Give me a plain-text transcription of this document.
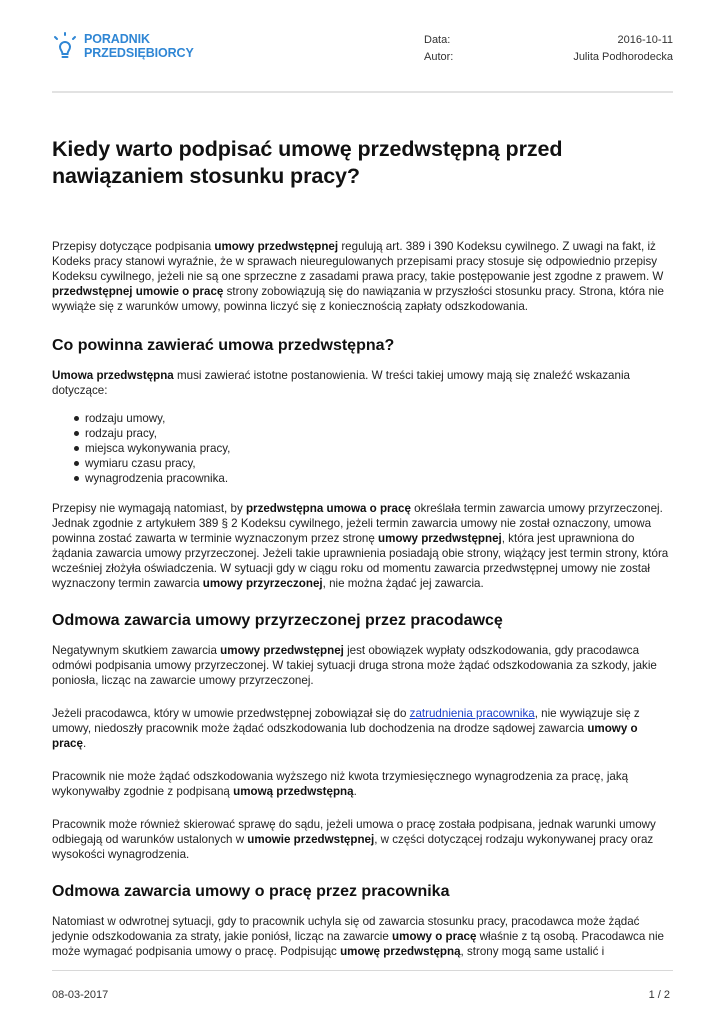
PORADNIK
PRZEDSIĘBIORCY
Data:	2016-10-11
Autor:	Julita Podhorodecka
Kiedy warto podpisać umowę przedwstępną przed nawiązaniem stosunku pracy?

Przepisy dotyczące podpisania umowy przedwstępnej regulują art. 389 i 390 Kodeksu cywilnego. Z uwagi na fakt, iż Kodeks pracy stanowi wyraźnie, że w sprawach nieuregulowanych przepisami pracy stosuje się odpowiednio przepisy Kodeksu cywilnego, jeżeli nie są one sprzeczne z zasadami prawa pracy, takie postępowanie jest zgodne z prawem. W przedwstępnej umowie o pracę strony zobowiązują się do nawiązania w przyszłości stosunku pracy. Strona, która nie wywiąże się z warunków umowy, powinna liczyć się z koniecznością zapłaty odszkodowania.

Co powinna zawierać umowa przedwstępna?

Umowa przedwstępna musi zawierać istotne postanowienia. W treści takiej umowy mają się znaleźć wskazania dotyczące:

rodzaju umowy,
rodzaju pracy,
miejsca wykonywania pracy,
wymiaru czasu pracy,
wynagrodzenia pracownika.

Przepisy nie wymagają natomiast, by przedwstępna umowa o pracę określała termin zawarcia umowy przyrzeczonej. Jednak zgodnie z artykułem 389 § 2 Kodeksu cywilnego, jeżeli termin zawarcia umowy nie został oznaczony, umowa powinna zostać zawarta w terminie wyznaczonym przez stronę umowy przedwstępnej, która jest uprawniona do żądania zawarcia umowy przyrzeczonej. Jeżeli takie uprawnienia posiadają obie strony, wiążący jest termin strony, która wcześniej złożyła oświadczenia. W sytuacji gdy w ciągu roku od momentu zawarcia przedwstępnej umowy nie został wyznaczony termin zawarcia umowy przyrzeczonej, nie można żądać jej zawarcia.

Odmowa zawarcia umowy przyrzeczonej przez pracodawcę

Negatywnym skutkiem zawarcia umowy przedwstępnej jest obowiązek wypłaty odszkodowania, gdy pracodawca odmówi podpisania umowy przyrzeczonej. W takiej sytuacji druga strona może żądać odszkodowania za szkody, jakie poniosła, licząc na zawarcie umowy przyrzeczonej.

Jeżeli pracodawca, który w umowie przedwstępnej zobowiązał się do zatrudnienia pracownika, nie wywiązuje się z umowy, niedoszły pracownik może żądać odszkodowania lub dochodzenia na drodze sądowej zawarcia umowy o pracę.

Pracownik nie może żądać odszkodowania wyższego niż kwota trzymiesięcznego wynagrodzenia za pracę, jaką wykonywałby zgodnie z podpisaną umową przedwstępną.

Pracownik może również skierować sprawę do sądu, jeżeli umowa o pracę została podpisana, jednak warunki umowy odbiegają od warunków ustalonych w umowie przedwstępnej, w części dotyczącej rodzaju wykonywanej pracy oraz wysokości wynagrodzenia.

Odmowa zawarcia umowy o pracę przez pracownika

Natomiast w odwrotnej sytuacji, gdy to pracownik uchyla się od zawarcia stosunku pracy, pracodawca może żądać jedynie odszkodowania za straty, jakie poniósł, licząc na zawarcie umowy o pracę właśnie z tą osobą. Pracodawca nie może wymagać podpisania umowy o pracę. Podpisując umowę przedwstępną, strony mogą same ustalić i

08-03-2017	1 / 2
